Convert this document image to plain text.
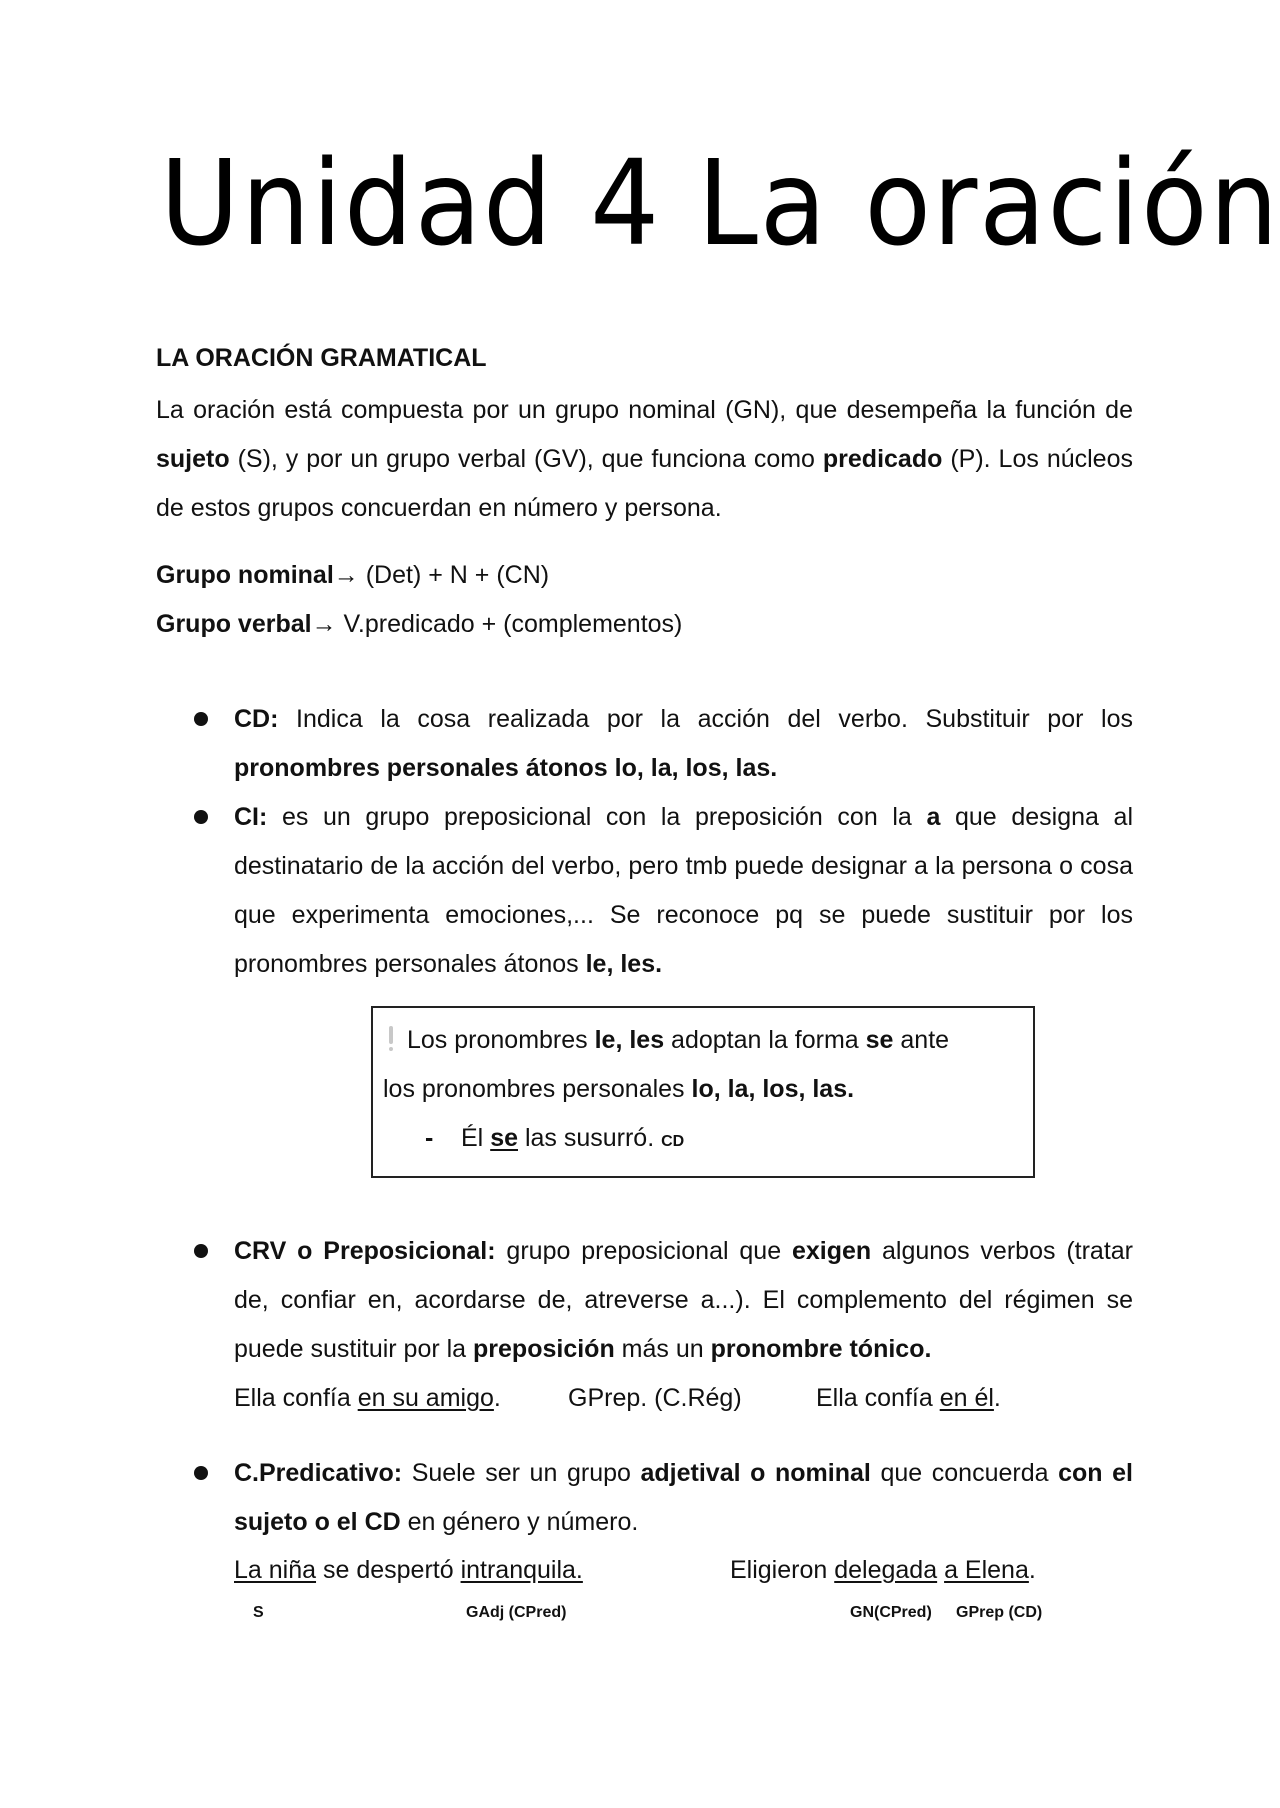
Unidad 4 La oración
LA ORACIÓN GRAMATICAL
La oración está compuesta por un grupo nominal (GN), que desempeña la función de sujeto (S), y por un grupo verbal (GV), que funciona como predicado (P). Los núcleos de estos grupos concuerdan en número y persona.
Grupo nominal→ (Det) + N + (CN)
Grupo verbal→ V.predicado + (complementos)
CD: Indica la cosa realizada por la acción del verbo. Substituir por los pronombres personales átonos lo, la, los, las.
CI: es un grupo preposicional con la preposición con la a que designa al destinatario de la acción del verbo, pero tmb puede designar a la persona o cosa que experimenta emociones,... Se reconoce pq se puede sustituir por los pronombres personales átonos le, les.
Los pronombres le, les adoptan la forma se ante
los pronombres personales lo, la, los, las.
- Él se las susurró. CD
CRV o Preposicional: grupo preposicional que exigen algunos verbos (tratar de, confiar en, acordarse de, atreverse a...). El complemento del régimen se puede sustituir por la preposición más un pronombre tónico.
Ella confía en su amigo.	GPrep. (C.Rég)	Ella confía en él.
C.Predicativo: Suele ser un grupo adjetival o nominal que concuerda con el sujeto o el CD en género y número.
La niña se despertó intranquila.	Eligieron delegada a Elena.
S	GAdj (CPred)	GN(CPred) GPrep (CD)
